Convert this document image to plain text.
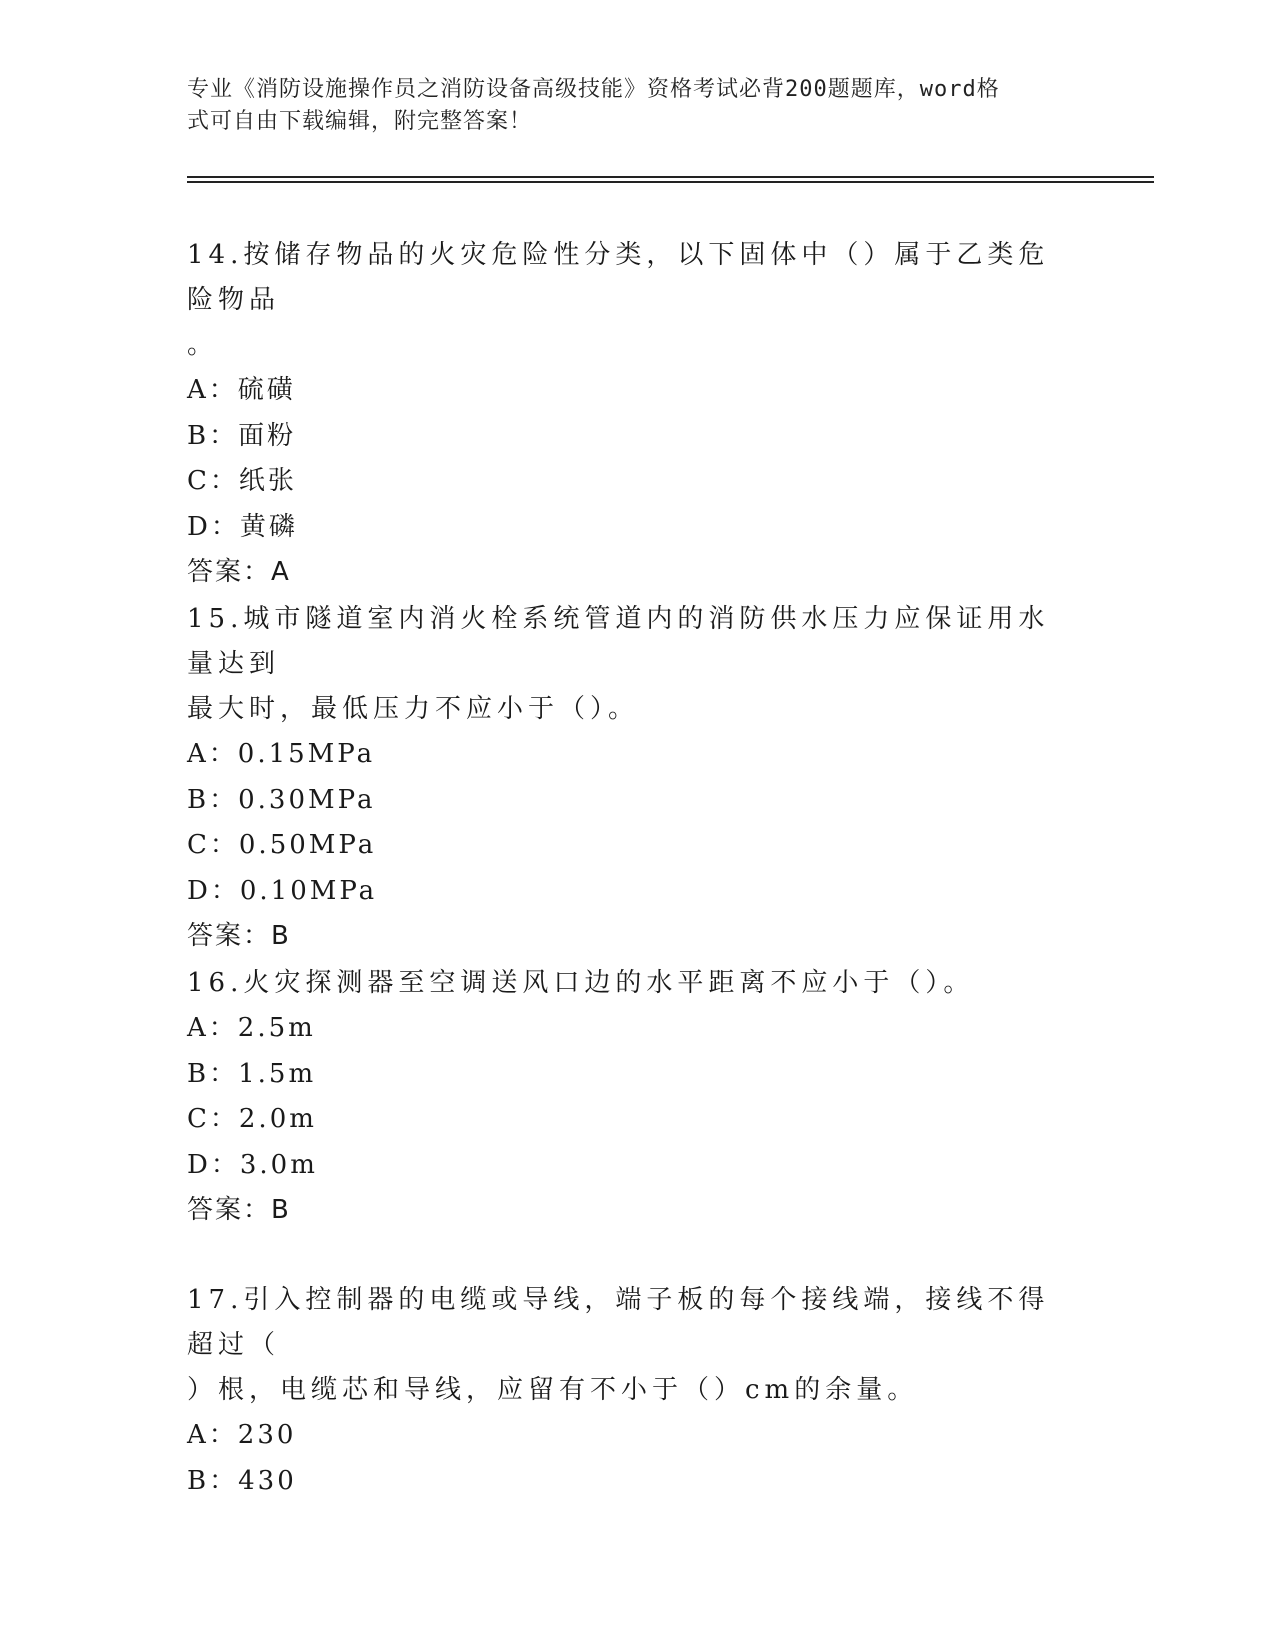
专业《消防设施操作员之消防设备高级技能》资格考试必背200题题库，word格
式可自由下载编辑，附完整答案！
14.按储存物品的火灾危险性分类，以下固体中（）属于乙类危险物品
。
A：硫磺
B：面粉
C：纸张
D：黄磷
答案：A
15.城市隧道室内消火栓系统管道内的消防供水压力应保证用水量达到
最大时，最低压力不应小于（）。
A：0.15MPa
B：0.30MPa
C：0.50MPa
D：0.10MPa
答案：B
16.火灾探测器至空调送风口边的水平距离不应小于（）。
A：2.5m
B：1.5m
C：2.0m
D：3.0m
答案：B
17.引入控制器的电缆或导线，端子板的每个接线端，接线不得超过（
）根，电缆芯和导线，应留有不小于（）cm的余量。
A：230
B：430
